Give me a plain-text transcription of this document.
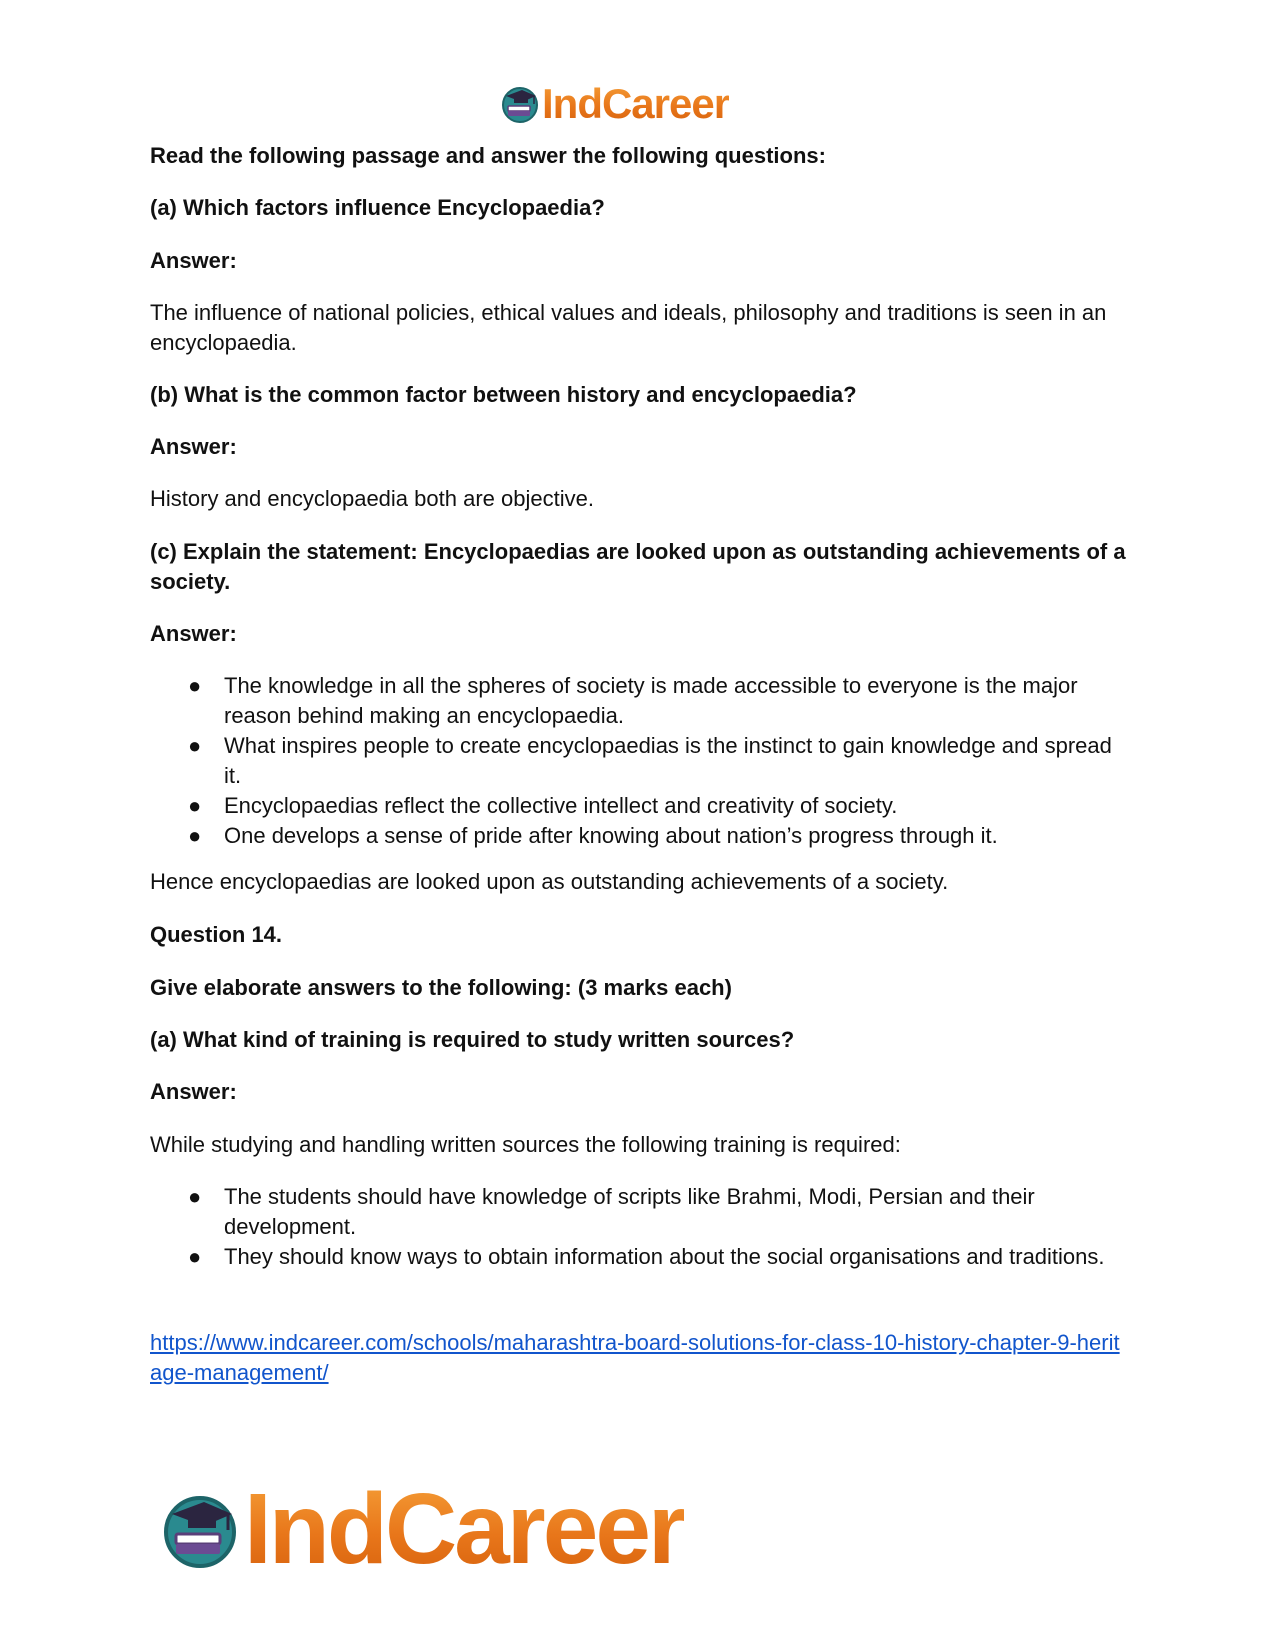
IndCareer
Read the following passage and answer the following questions:
(a) Which factors influence Encyclopaedia?
Answer:
The influence of national policies, ethical values and ideals, philosophy and traditions is seen in an encyclopaedia.
(b) What is the common factor between history and encyclopaedia?
Answer:
History and encyclopaedia both are objective.
(c) Explain the statement: Encyclopaedias are looked upon as outstanding achievements of a society.
Answer:
● The knowledge in all the spheres of society is made accessible to everyone is the major reason behind making an encyclopaedia.
● What inspires people to create encyclopaedias is the instinct to gain knowledge and spread it.
● Encyclopaedias reflect the collective intellect and creativity of society.
● One develops a sense of pride after knowing about nation’s progress through it.
Hence encyclopaedias are looked upon as outstanding achievements of a society.
Question 14.
Give elaborate answers to the following: (3 marks each)
(a) What kind of training is required to study written sources?
Answer:
While studying and handling written sources the following training is required:
● The students should have knowledge of scripts like Brahmi, Modi, Persian and their development.
● They should know ways to obtain information about the social organisations and traditions.
https://www.indcareer.com/schools/maharashtra-board-solutions-for-class-10-history-chapter-9-heritage-management/
IndCareer
